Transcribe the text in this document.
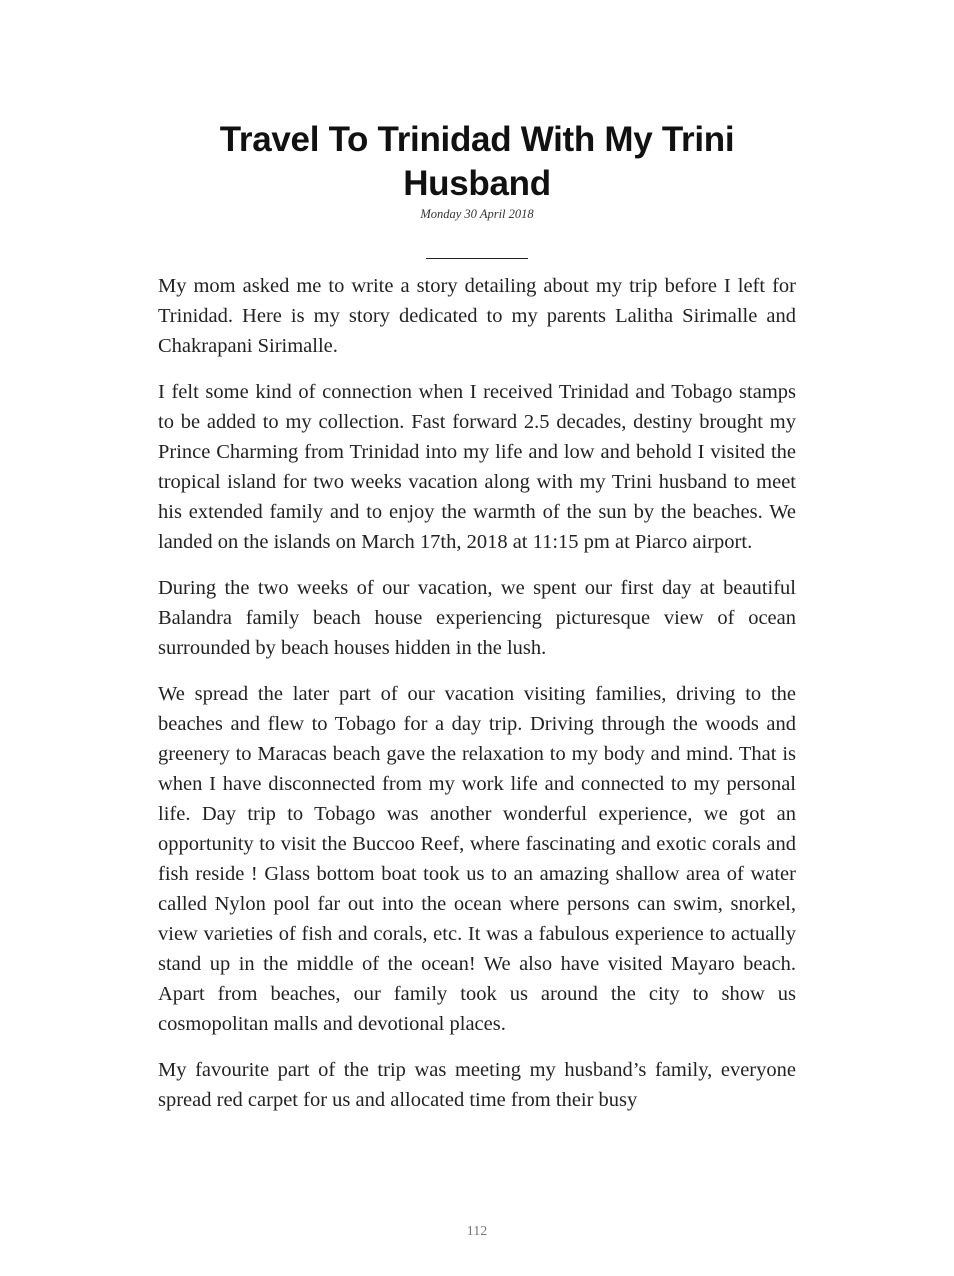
Travel To Trinidad With My Trini Husband
Monday 30 April 2018

My mom asked me to write a story detailing about my trip before I left for Trinidad. Here is my story dedicated to my parents Lalitha Sirimalle and Chakrapani Sirimalle.

I felt some kind of connection when I received Trinidad and Tobago stamps to be added to my collection. Fast forward 2.5 decades, destiny brought my Prince Charming from Trinidad into my life and low and behold I visited the tropical island for two weeks vacation along with my Trini husband to meet his extended family and to enjoy the warmth of the sun by the beaches. We landed on the islands on March 17th, 2018 at 11:15 pm at Piarco airport.

During the two weeks of our vacation, we spent our first day at beautiful Balandra family beach house experiencing picturesque view of ocean surrounded by beach houses hidden in the lush.

We spread the later part of our vacation visiting families, driving to the beaches and flew to Tobago for a day trip. Driving through the woods and greenery to Maracas beach gave the relaxation to my body and mind. That is when I have disconnected from my work life and connected to my personal life. Day trip to Tobago was another wonderful experience, we got an opportunity to visit the Buccoo Reef, where fascinating and exotic corals and fish reside ! Glass bottom boat took us to an amazing shallow area of water called Nylon pool far out into the ocean where persons can swim, snorkel, view varieties of fish and corals, etc. It was a fabulous experience to actually stand up in the middle of the ocean! We also have visited Mayaro beach. Apart from beaches, our family took us around the city to show us cosmopolitan malls and devotional places.

My favourite part of the trip was meeting my husband’s family, everyone spread red carpet for us and allocated time from their busy

112
